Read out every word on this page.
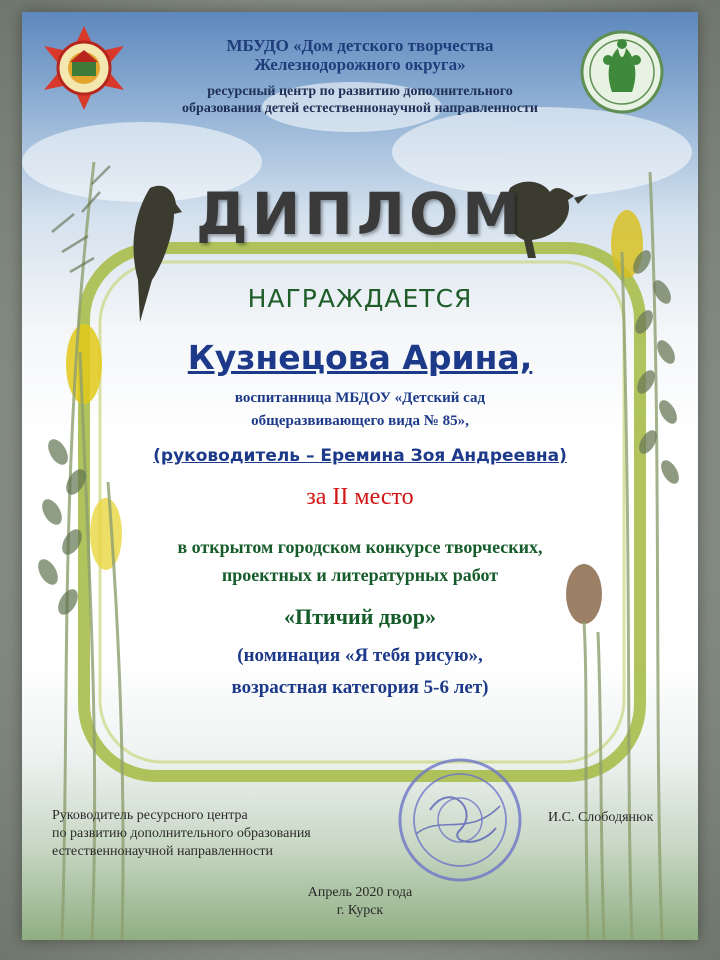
МБУДО «Дом детского творчества
Железнодорожного округа»
ресурсный центр по развитию дополнительного
образования детей естественнонаучной направленности
ДИПЛОМ
НАГРАЖДАЕТСЯ
Кузнецова Арина,
воспитанница МБДОУ «Детский сад
общеразвивающего вида № 85»,
(руководитель – Еремина Зоя Андреевна)
за II место
в открытом городском конкурсе творческих,
проектных и литературных работ
«Птичий двор»
(номинация «Я тебя рисую»,
возрастная категория 5-6 лет)
Руководитель ресурсного центра
по развитию дополнительного образования
естественнонаучной направленности
И.С. Слободянюк
Апрель 2020 года
г. Курск
